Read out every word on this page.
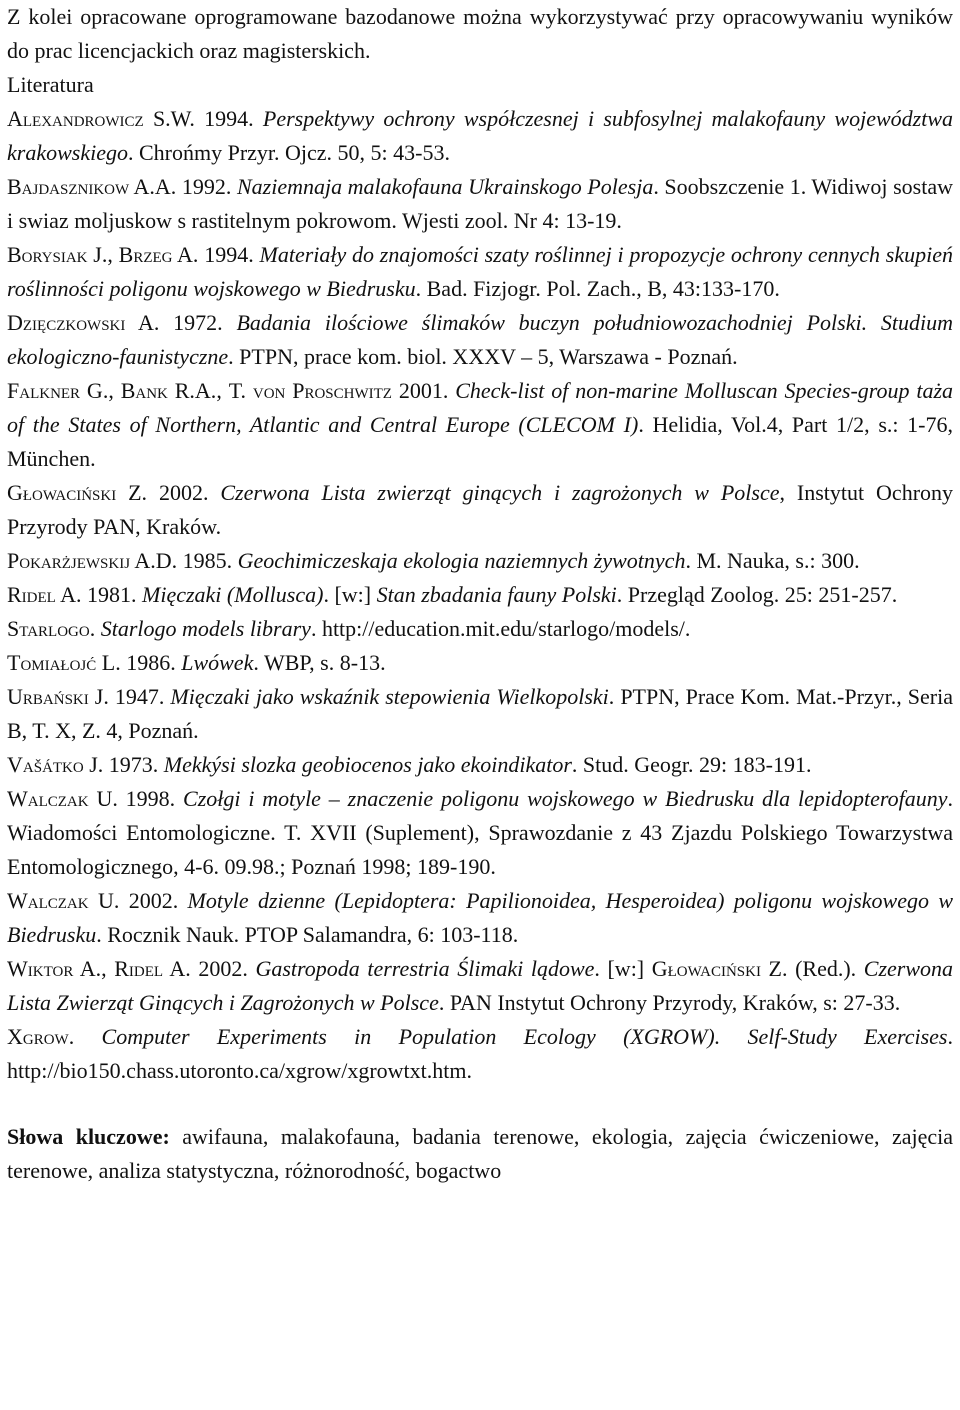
Z kolei opracowane oprogramowane bazodanowe można wykorzystywać przy opracowywaniu wyników do prac licencjackich oraz magisterskich.

Literatura
Alexandrowicz S.W. 1994. Perspektywy ochrony współczesnej i subfosylnej malakofauny województwa krakowskiego. Chrońmy Przyr. Ojcz. 50, 5: 43-53.
Bajdasznikow A.A. 1992. Naziemnaja malakofauna Ukrainskogo Polesja. Soobszczenie 1. Widiwoj sostaw i swiaz moljuskow s rastitelnym pokrowom. Wjesti zool. Nr 4: 13-19.
Borysiak J., Brzeg A. 1994. Materiały do znajomości szaty roślinnej i propozycje ochrony cennych skupień roślinności poligonu wojskowego w Biedrusku. Bad. Fizjogr. Pol. Zach., B, 43:133-170.
Dzięczkowski A. 1972. Badania ilościowe ślimaków buczyn południowozachodniej Polski. Studium ekologiczno-faunistyczne. PTPN, prace kom. biol. XXXV – 5, Warszawa - Poznań.
Falkner G., Bank R.A., T. von Proschwitz 2001. Check-list of non-marine Molluscan Species-group taża of the States of Northern, Atlantic and Central Europe (CLECOM I). Helidia, Vol.4, Part 1/2, s.: 1-76, München.
Głowaciński Z. 2002. Czerwona Lista zwierząt ginących i zagrożonych w Polsce, Instytut Ochrony Przyrody PAN, Kraków.
Pokarżjewskij A.D. 1985. Geochimiczeskaja ekologia naziemnych żywotnych. M. Nauka, s.: 300.
Ridel A. 1981. Mięczaki (Mollusca). [w:] Stan zbadania fauny Polski. Przegląd Zoolog. 25: 251-257.
Starlogo. Starlogo models library. http://education.mit.edu/starlogo/models/.
Tomiałojć L. 1986. Lwówek. WBP, s. 8-13.
Urbański J. 1947. Mięczaki jako wskaźnik stepowienia Wielkopolski. PTPN, Prace Kom. Mat.-Przyr., Seria B, T. X, Z. 4, Poznań.
Vašátko J. 1973. Mekkýsi slozka geobiocenos jako ekoindikator. Stud. Geogr. 29: 183-191.
Walczak U. 1998. Czołgi i motyle – znaczenie poligonu wojskowego w Biedrusku dla lepidopterofauny. Wiadomości Entomologiczne. T. XVII (Suplement), Sprawozdanie z 43 Zjazdu Polskiego Towarzystwa Entomologicznego, 4-6. 09.98.; Poznań 1998; 189-190.
Walczak U. 2002. Motyle dzienne (Lepidoptera: Papilionoidea, Hesperoidea) poligonu wojskowego w Biedrusku. Rocznik Nauk. PTOP Salamandra, 6: 103-118.
Wiktor A., Ridel A. 2002. Gastropoda terrestria Ślimaki lądowe. [w:] Głowaciński Z. (Red.). Czerwona Lista Zwierząt Ginących i Zagrożonych w Polsce. PAN Instytut Ochrony Przyrody, Kraków, s: 27-33.
Xgrow. Computer Experiments in Population Ecology (XGROW). Self-Study Exercises. http://bio150.chass.utoronto.ca/xgrow/xgrowtxt.htm.

Słowa kluczowe: awifauna, malakofauna, badania terenowe, ekologia, zajęcia ćwiczeniowe, zajęcia terenowe, analiza statystyczna, różnorodność, bogactwo
